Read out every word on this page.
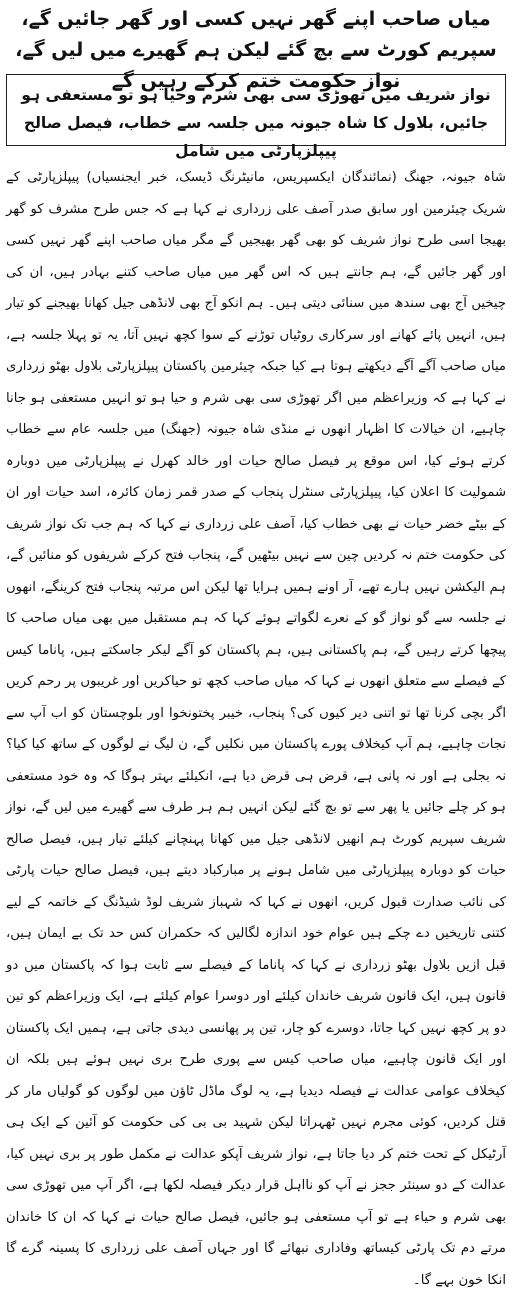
میاں صاحب اپنے گھر نہیں کسی اور گھر جائیں گے، سپریم کورٹ سے بچ گئے لیکن ہم گھیرے میں لیں گے، نواز حکومت ختم کرکے رہیں گے
نواز شریف میں تھوڑی سی بھی شرم وحیا ہو تو مستعفی ہو جائیں، بلاول کا شاہ جیونہ میں جلسہ سے خطاب، فیصل صالح پیپلزپارٹی میں شامل

شاہ جیونہ، جھنگ (نمائندگان ایکسپریس، مانیٹرنگ ڈیسک، خبر ایجنسیاں) پیپلزپارٹی کے شریک چیئرمین اور سابق صدر آصف علی زرداری نے کہا ہے کہ جس طرح مشرف کو گھر بھیجا اسی طرح نواز شریف کو بھی گھر بھیجیں گے مگر میاں صاحب اپنے گھر نہیں کسی اور گھر جائیں گے، ہم جانتے ہیں کہ اس گھر میں میاں صاحب کتنے بہادر ہیں، ان کی چیخیں آج بھی سندھ میں سنائی دیتی ہیں۔ ہم انکو آج بھی لانڈھی جیل کھانا بھیجنے کو تیار ہیں، انہیں پائے کھانے اور سرکاری روٹیاں توڑنے کے سوا کچھ نہیں آتا، یہ تو پہلا جلسہ ہے، میاں صاحب آگے آگے دیکھتے ہوتا ہے کیا جبکہ چیئرمین پاکستان پیپلزپارٹی بلاول بھٹو زرداری نے کہا ہے کہ وزیراعظم میں اگر تھوڑی سی بھی شرم و حیا ہو تو انہیں مستعفی ہو جانا چاہیے، ان خیالات کا اظہار انھوں نے منڈی شاہ جیونہ (جھنگ) میں جلسہ عام سے خطاب کرتے ہوئے کیا، اس موقع پر فیصل صالح حیات اور خالد کھرل نے پیپلزپارٹی میں دوبارہ شمولیت کا اعلان کیا، پیپلزپارٹی سنٹرل پنجاب کے صدر قمر زمان کائرہ، اسد حیات اور ان کے بیٹے خضر حیات نے بھی خطاب کیا، آصف علی زرداری نے کہا کہ ہم جب تک نواز شریف کی حکومت ختم نہ کردیں چین سے نہیں بیٹھیں گے، پنجاب فتح کرکے شریفوں کو منائیں گے، ہم الیکشن نہیں ہارے تھے، آر اونے ہمیں ہرایا تھا لیکن اس مرتبہ پنجاب فتح کرینگے، انھوں نے جلسہ سے گو نواز گو کے نعرے لگواتے ہوئے کہا کہ ہم مستقبل میں بھی میاں صاحب کا پیچھا کرتے رہیں گے، ہم پاکستانی ہیں، ہم پاکستان کو آگے لیکر جاسکتے ہیں، پاناما کیس کے فیصلے سے متعلق انھوں نے کہا کہ میاں صاحب کچھ تو حیاکریں اور غریبوں پر رحم کریں اگر بچی کرنا تھا تو اتنی دیر کیوں کی؟ پنجاب، خیبر پختونخوا اور بلوچستان کو اب آپ سے نجات چاہیے، ہم آپ کیخلاف پورے پاکستان میں نکلیں گے، ن لیگ نے لوگوں کے ساتھ کیا کیا؟ نہ بجلی ہے اور نہ پانی ہے، قرض ہی قرض دیا ہے، انکیلئے بہتر ہوگا کہ وہ خود مستعفی ہو کر چلے جائیں یا پھر سے تو بچ گئے لیکن انہیں ہم ہر طرف سے گھیرے میں لیں گے، نواز شریف سپریم کورٹ ہم انھیں لانڈھی جیل میں کھانا پہنچانے کیلئے تیار ہیں، فیصل صالح حیات کو دوبارہ پیپلزپارٹی میں شامل ہونے پر مبارکباد دیتے ہیں، فیصل صالح حیات پارٹی کی نائب صدارت قبول کریں، انھوں نے کہا کہ شہباز شریف لوڈ شیڈنگ کے خاتمہ کے لیے کتنی تاریخیں دے چکے ہیں عوام خود اندازہ لگالیں کہ حکمران کس حد تک بے ایمان ہیں، قبل ازیں بلاول بھٹو زرداری نے کہا کہ پاناما کے فیصلے سے ثابت ہوا کہ پاکستان میں دو قانون ہیں، ایک قانون شریف خاندان کیلئے اور دوسرا عوام کیلئے ہے، ایک وزیراعظم کو تین دو پر کچھ نہیں کہا جاتا، دوسرے کو چار، تین پر پھانسی دیدی جاتی ہے، ہمیں ایک پاکستان اور ایک قانون چاہیے، میاں صاحب کیس سے پوری طرح بری نہیں ہوئے ہیں بلکہ ان کیخلاف عوامی عدالت نے فیصلہ دیدیا ہے، یہ لوگ ماڈل ٹاؤن میں لوگوں کو گولیاں مار کر قتل کردیں، کوئی مجرم نہیں ٹھہراتا لیکن شہید بی بی کی حکومت کو آئین کے ایک ہی آرٹیکل کے تحت ختم کر دیا جاتا ہے، نواز شریف آپکو عدالت نے مکمل طور پر بری نہیں کیا، عدالت کے دو سینئر ججز نے آپ کو نااہل قرار دیکر فیصلہ لکھا ہے، اگر آپ میں تھوڑی سی بھی شرم و حیاء ہے تو آپ مستعفی ہو جائیں، فیصل صالح حیات نے کہا کہ ان کا خاندان مرتے دم تک پارٹی کیساتھ وفاداری نبھائے گا اور جہاں آصف علی زرداری کا پسینہ گرے گا انکا خون بہے گا۔
